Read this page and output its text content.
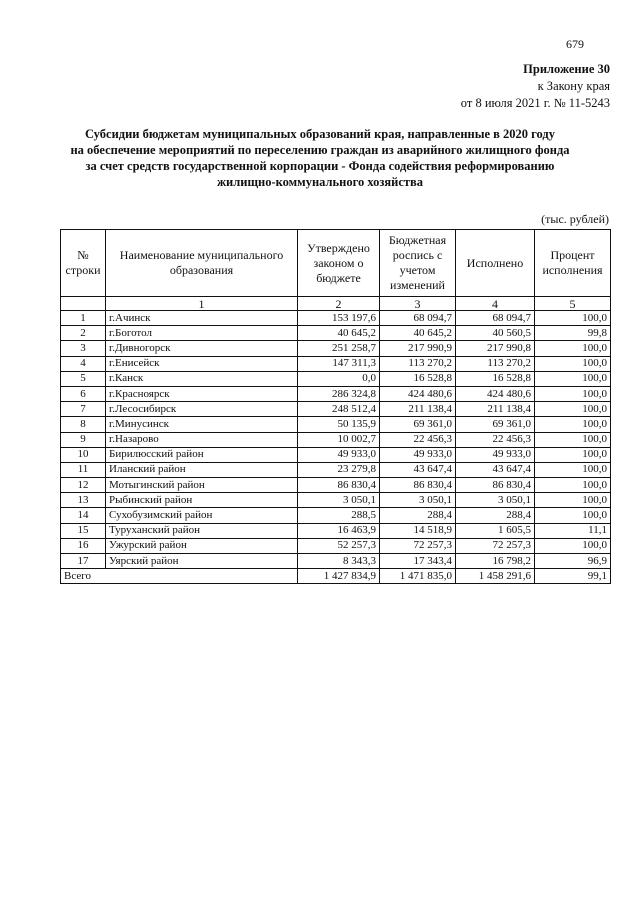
679
Приложение 30
к Закону края
от 8 июля 2021 г. № 11-5243
Субсидии бюджетам муниципальных образований края, направленные в 2020 году
на обеспечение мероприятий по переселению граждан из аварийного жилищного фонда
за счет средств государственной корпорации - Фонда содействия реформированию
жилищно-коммунального хозяйства
(тыс. рублей)
№ строки	Наименование муниципального образования	Утверждено законом о бюджете	Бюджетная роспись с учетом изменений	Исполнено	Процент исполнения
	1	2	3	4	5
1	г.Ачинск	153 197,6	68 094,7	68 094,7	100,0
2	г.Боготол	40 645,2	40 645,2	40 560,5	99,8
3	г.Дивногорск	251 258,7	217 990,9	217 990,8	100,0
4	г.Енисейск	147 311,3	113 270,2	113 270,2	100,0
5	г.Канск	0,0	16 528,8	16 528,8	100,0
6	г.Красноярск	286 324,8	424 480,6	424 480,6	100,0
7	г.Лесосибирск	248 512,4	211 138,4	211 138,4	100,0
8	г.Минусинск	50 135,9	69 361,0	69 361,0	100,0
9	г.Назарово	10 002,7	22 456,3	22 456,3	100,0
10	Бирилюсский район	49 933,0	49 933,0	49 933,0	100,0
11	Иланский район	23 279,8	43 647,4	43 647,4	100,0
12	Мотыгинский район	86 830,4	86 830,4	86 830,4	100,0
13	Рыбинский район	3 050,1	3 050,1	3 050,1	100,0
14	Сухобузимский район	288,5	288,4	288,4	100,0
15	Туруханский район	16 463,9	14 518,9	1 605,5	11,1
16	Ужурский район	52 257,3	72 257,3	72 257,3	100,0
17	Уярский район	8 343,3	17 343,4	16 798,2	96,9
Всего		1 427 834,9	1 471 835,0	1 458 291,6	99,1
